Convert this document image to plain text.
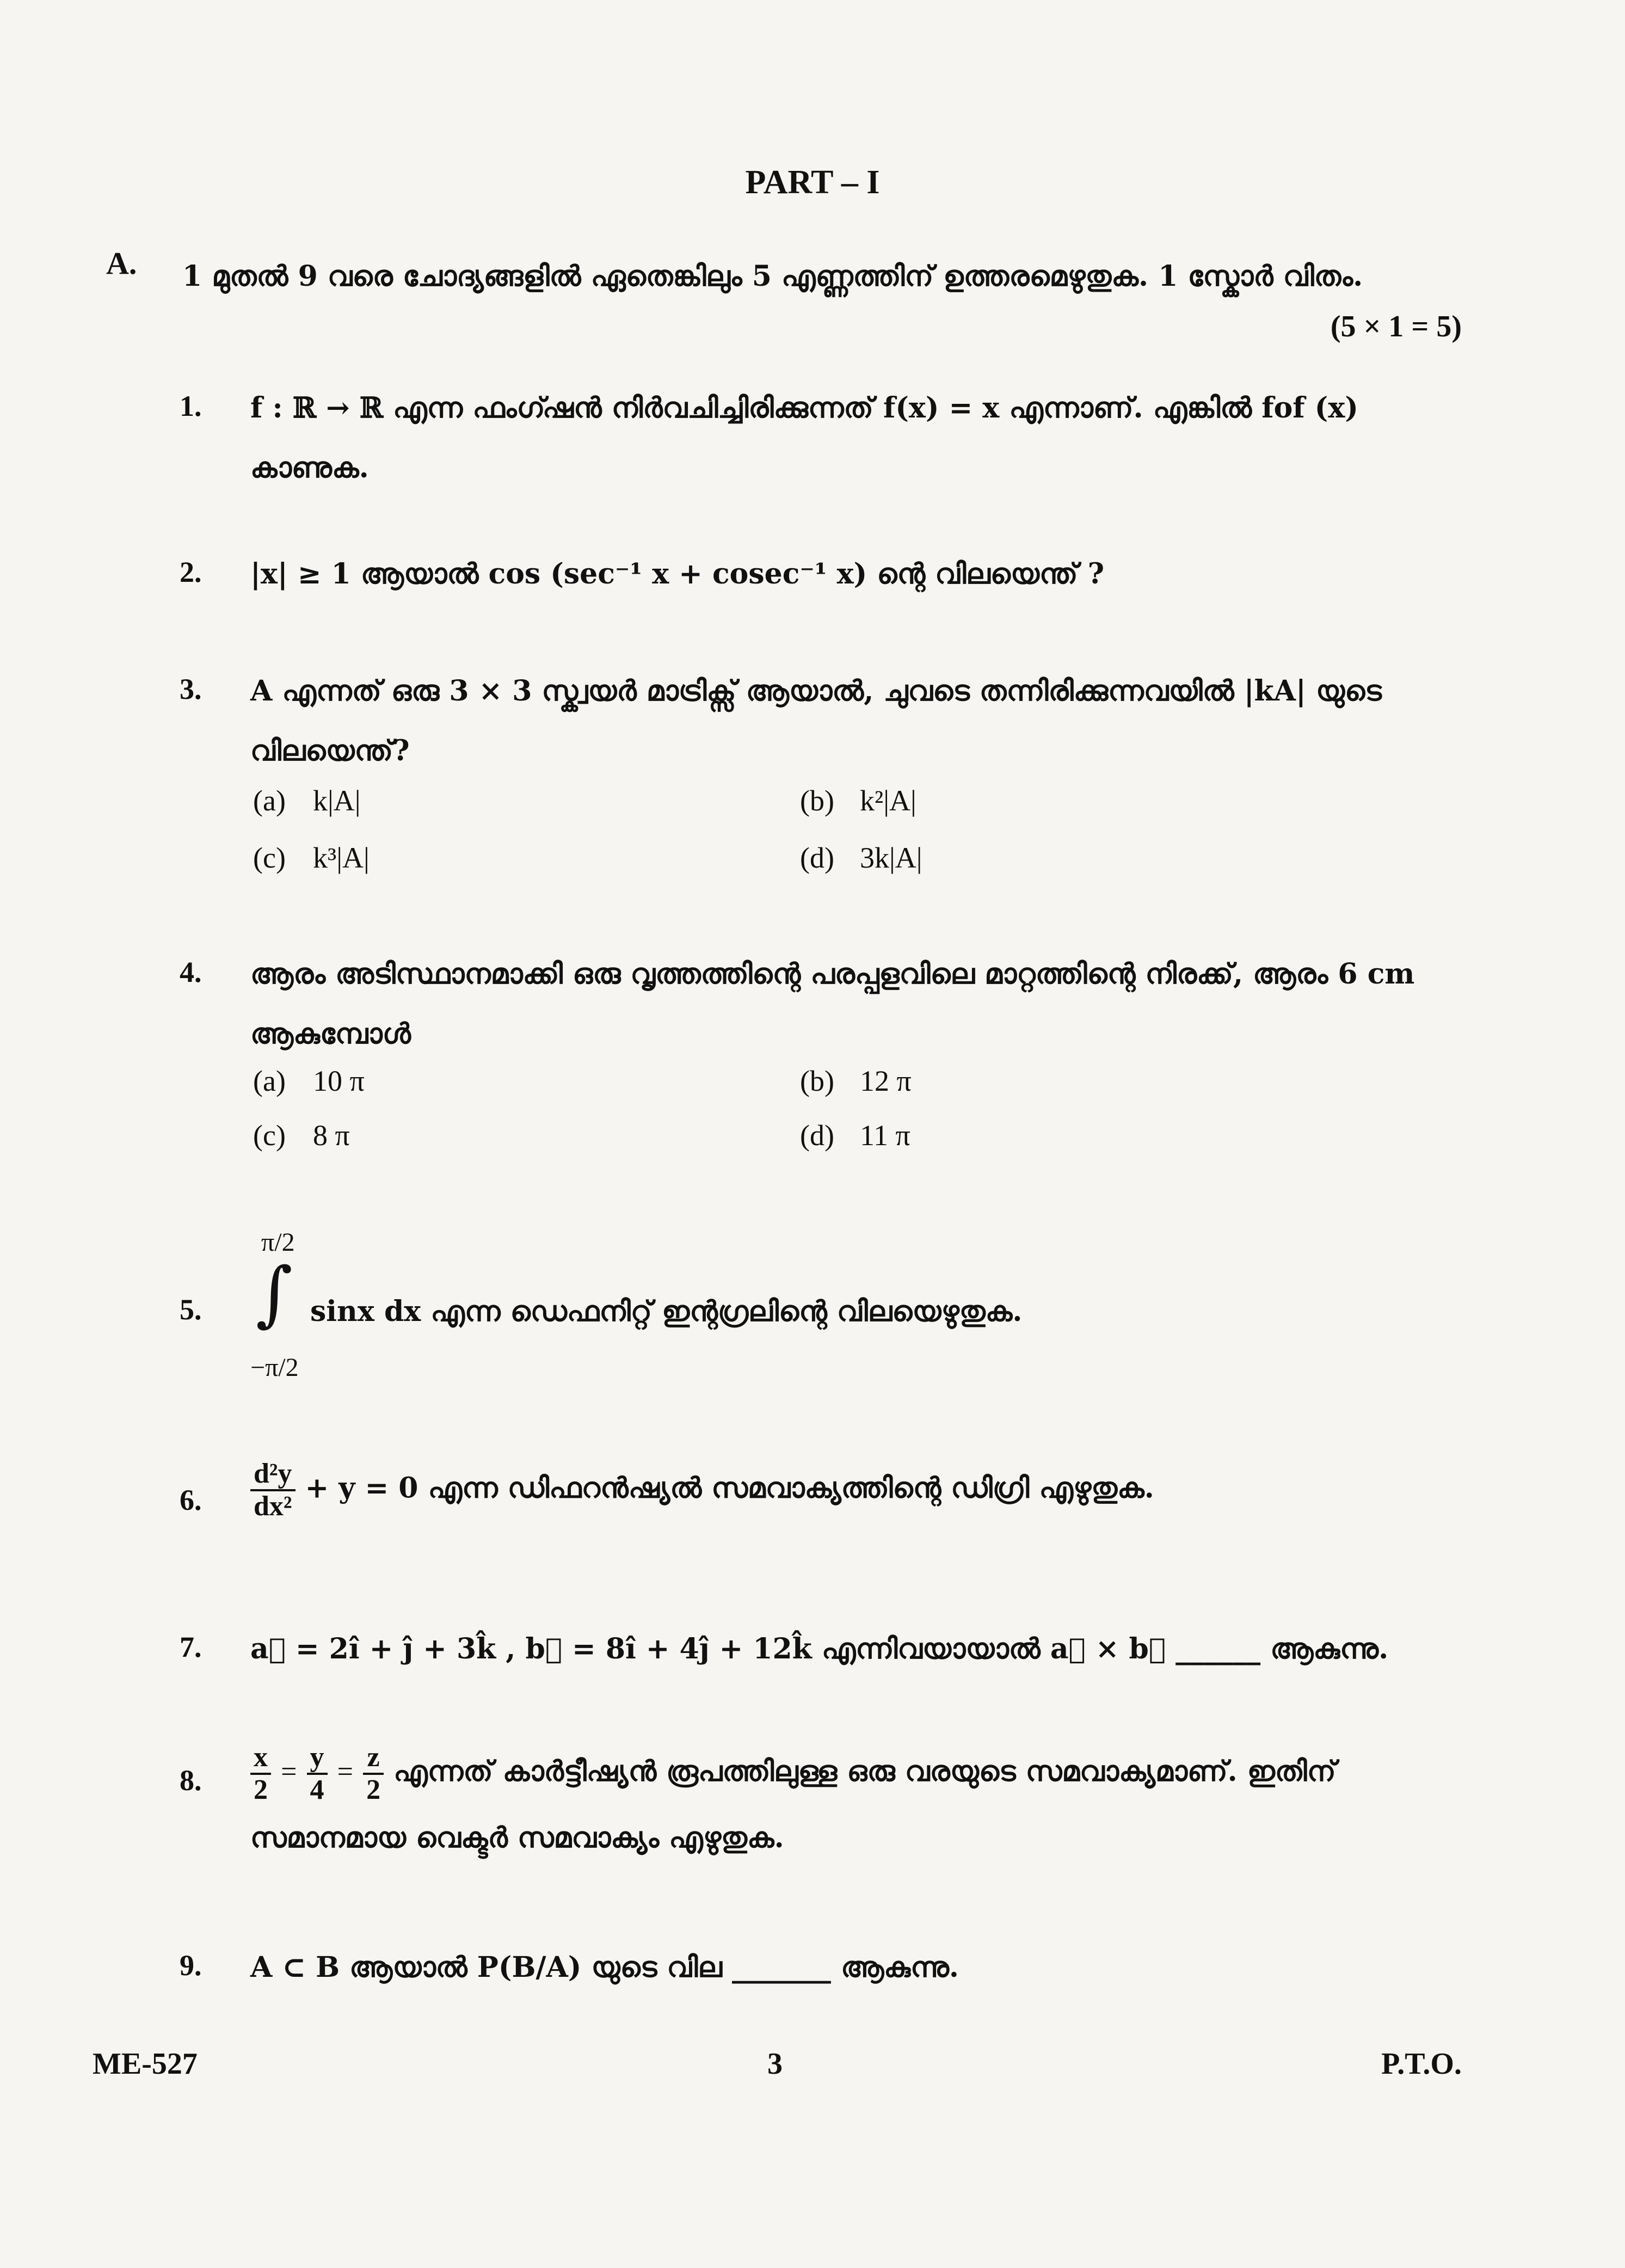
PART – I
A. 1 മുതൽ 9 വരെ ചോദ്യങ്ങളിൽ ഏതെങ്കിലും 5 എണ്ണത്തിന് ഉത്തരമെഴുതുക. 1 സ്കോർ വിതം.
(5 × 1 = 5)
1. f : ℝ → ℝ എന്ന ഫംഗ്ഷൻ നിർവചിച്ചിരിക്കുന്നത് f(x) = x എന്നാണ്. എങ്കിൽ fof (x) കാണുക.
2. |x| ≥ 1 ആയാൽ cos (sec⁻¹ x + cosec⁻¹ x) ന്റെ വിലയെന്ത് ?
3. A എന്നത് ഒരു 3 × 3 സ്ക്വയർ മാട്രിക്സ് ആയാൽ, ചുവടെ തന്നിരിക്കുന്നവയിൽ |kA| യുടെ വിലയെന്ത്?
(a) k|A|	(b) k²|A|
(c) k³|A|	(d) 3k|A|
4. ആരം അടിസ്ഥാനമാക്കി ഒരു വൃത്തത്തിന്റെ പരപ്പളവിലെ മാറ്റത്തിന്റെ നിരക്ക്, ആരം 6 cm ആകുമ്പോൾ
(a) 10 π	(b) 12 π
(c) 8 π	(d) 11 π
π/2
∫
−π/2
5.	sinx dx എന്ന ഡെഫനിറ്റ് ഇന്റഗ്രലിന്റെ വിലയെഴുതുക.
6. $\frac{\text{d²y}}{\text{dx²}} + y = 0$ എന്ന ഡിഫറൻഷ്യൽ സമവാക്യത്തിന്റെ ഡിഗ്രി എഴുതുക.
7. a⃗ = 2î + ĵ + 3k̂ , b⃗ = 8î + 4ĵ + 12k̂ എന്നിവയായാൽ a⃗ × b⃗ ______ ആകുന്നു.
8. $\frac{x}{2} = \frac{y}{4} = \frac{z}{2}$ എന്നത് കാർട്ടീഷ്യൻ രൂപത്തിലുള്ള ഒരു വരയുടെ സമവാക്യമാണ്. ഇതിന് സമാനമായ വെക്ടർ സമവാക്യം എഴുതുക.
9. A ⊂ B ആയാൽ P(B/A) യുടെ വില _______ ആകുന്നു.
ME-527	3	P.T.O.
